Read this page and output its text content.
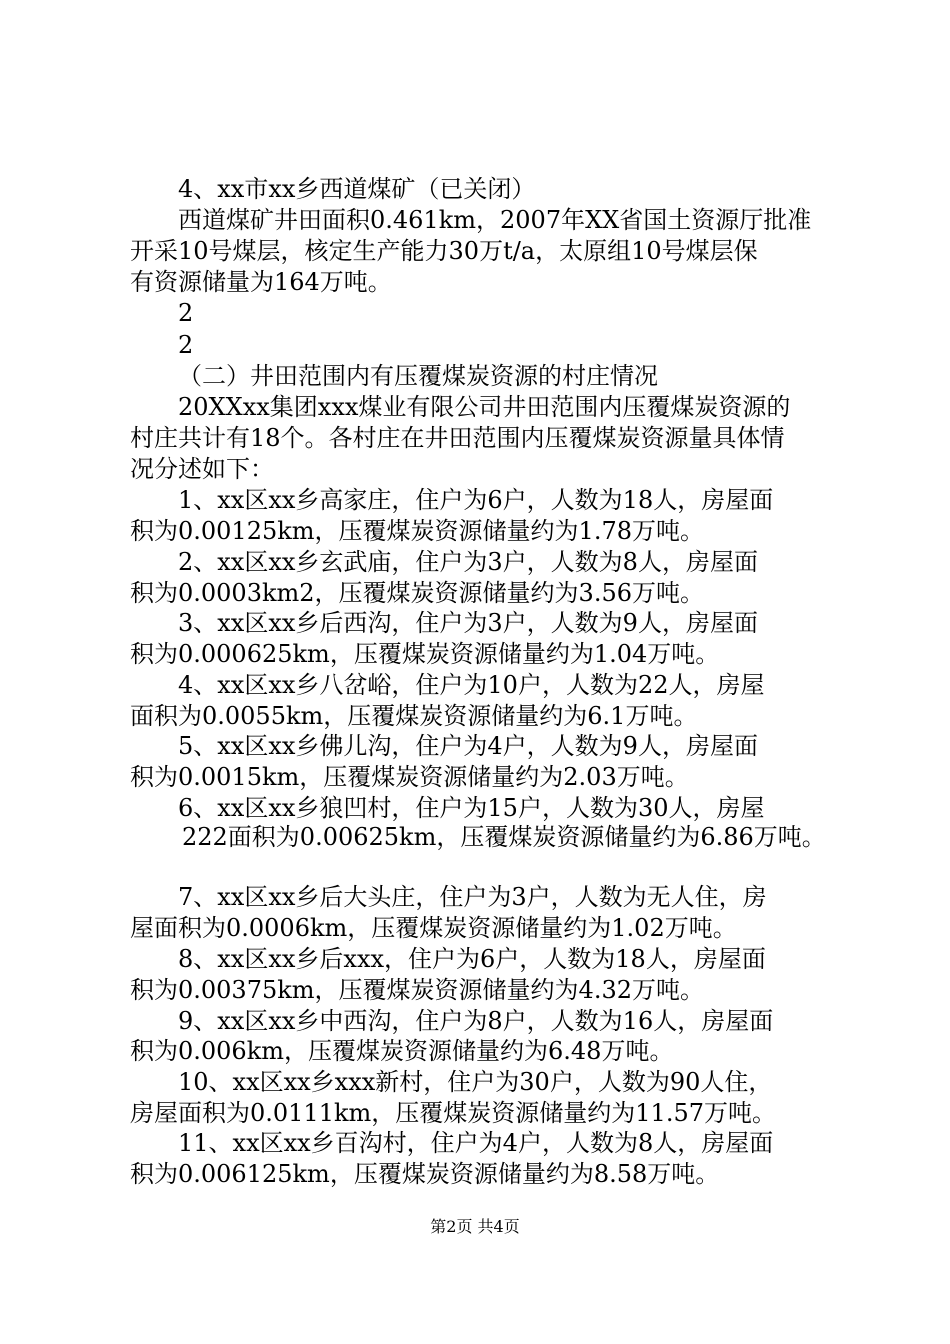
4、xx市xx乡西道煤矿（已关闭）
西道煤矿井田面积0.461km，2007年XX省国土资源厅批准
开采10号煤层，核定生产能力30万t/a，太原组10号煤层保
有资源储量为164万吨。
2
2
（二）井田范围内有压覆煤炭资源的村庄情况
20XXxx集团xxx煤业有限公司井田范围内压覆煤炭资源的
村庄共计有18个。各村庄在井田范围内压覆煤炭资源量具体情
况分述如下：
1、xx区xx乡高家庄，住户为6户，人数为18人，房屋面
积为0.00125km，压覆煤炭资源储量约为1.78万吨。
2、xx区xx乡玄武庙，住户为3户，人数为8人，房屋面
积为0.0003km2，压覆煤炭资源储量约为3.56万吨。
3、xx区xx乡后西沟，住户为3户，人数为9人，房屋面
积为0.000625km，压覆煤炭资源储量约为1.04万吨。
4、xx区xx乡八岔峪，住户为10户，人数为22人，房屋
面积为0.0055km，压覆煤炭资源储量约为6.1万吨。
5、xx区xx乡佛儿沟，住户为4户，人数为9人，房屋面
积为0.0015km，压覆煤炭资源储量约为2.03万吨。
6、xx区xx乡狼凹村，住户为15户，人数为30人，房屋
222面积为0.00625km，压覆煤炭资源储量约为6.86万吨。
7、xx区xx乡后大头庄，住户为3户，人数为无人住，房
屋面积为0.0006km，压覆煤炭资源储量约为1.02万吨。
8、xx区xx乡后xxx，住户为6户，人数为18人，房屋面
积为0.00375km，压覆煤炭资源储量约为4.32万吨。
9、xx区xx乡中西沟，住户为8户，人数为16人，房屋面
积为0.006km，压覆煤炭资源储量约为6.48万吨。
10、xx区xx乡xxx新村，住户为30户，人数为90人住，
房屋面积为0.0111km，压覆煤炭资源储量约为11.57万吨。
11、xx区xx乡百沟村，住户为4户，人数为8人，房屋面
积为0.006125km，压覆煤炭资源储量约为8.58万吨。
第2页 共4页
